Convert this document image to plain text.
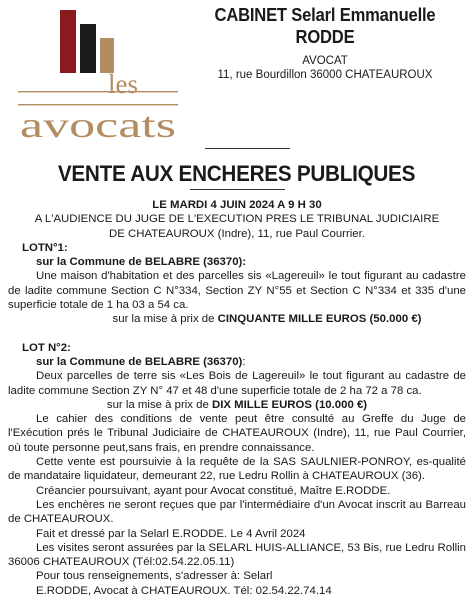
les
avocats
CABINET Selarl Emmanuelle
RODDE
AVOCAT
11, rue Bourdillon 36000 CHATEAUROUX
VENTE AUX ENCHERES PUBLIQUES
LE MARDI 4 JUIN 2024 A 9 H 30
A L'AUDIENCE DU JUGE DE L'EXECUTION PRES LE TRIBUNAL JUDICIAIRE
DE CHATEAUROUX (Indre), 11, rue Paul Courrier.
LOTN°1:
sur la Commune de BELABRE (36370):
Une maison d'habitation et des parcelles sis «Lagereuil» le tout figurant au cadastre de ladite commune Section C N°334, Section ZY N°55 et Section C N°334 et 335 d'une superficie totale de 1 ha 03 a 54 ca.
sur la mise à prix de CINQUANTE MILLE EUROS (50.000 €)
LOT N°2:
sur la Commune de BELABRE (36370):
Deux parcelles de terre sis «Les Bois de Lagereuil» le tout figurant au cadastre de ladite commune Section ZY N° 47 et 48 d'une superficie totale de 2 ha 72 a 78 ca.
sur la mise à prix de DIX MILLE EUROS (10.000 €)
Le cahier des conditions de vente peut être consulté au Greffe du Juge de l'Exécution prés le Tribunal Judiciaire de CHATEAUROUX (Indre), 11, rue Paul Courrier, où toute personne peut,sans frais, en prendre connaissance.
Cette vente est poursuivie à la requête de la SAS SAULNIER-PONROY, es-qualité de mandataire liquidateur, demeurant 22, rue Ledru Rollin à CHATEAUROUX (36).
Créancier poursuivant, ayant pour Avocat constitué, Maître E.RODDE.
Les enchères ne seront reçues que par l'intermédiaire d'un Avocat inscrit au Barreau de CHATEAUROUX.
Fait et dressé par la Selarl E.RODDE. Le 4 Avril 2024
Les visites seront assurées par la SELARL HUIS-ALLIANCE, 53 Bis, rue Ledru Rollin 36006 CHATEAUROUX (Tél:02.54.22.05.11)
Pour tous renseignements, s'adresser à: Selarl
E.RODDE, Avocat à CHATEAUROUX. Tél: 02.54.22.74.14
